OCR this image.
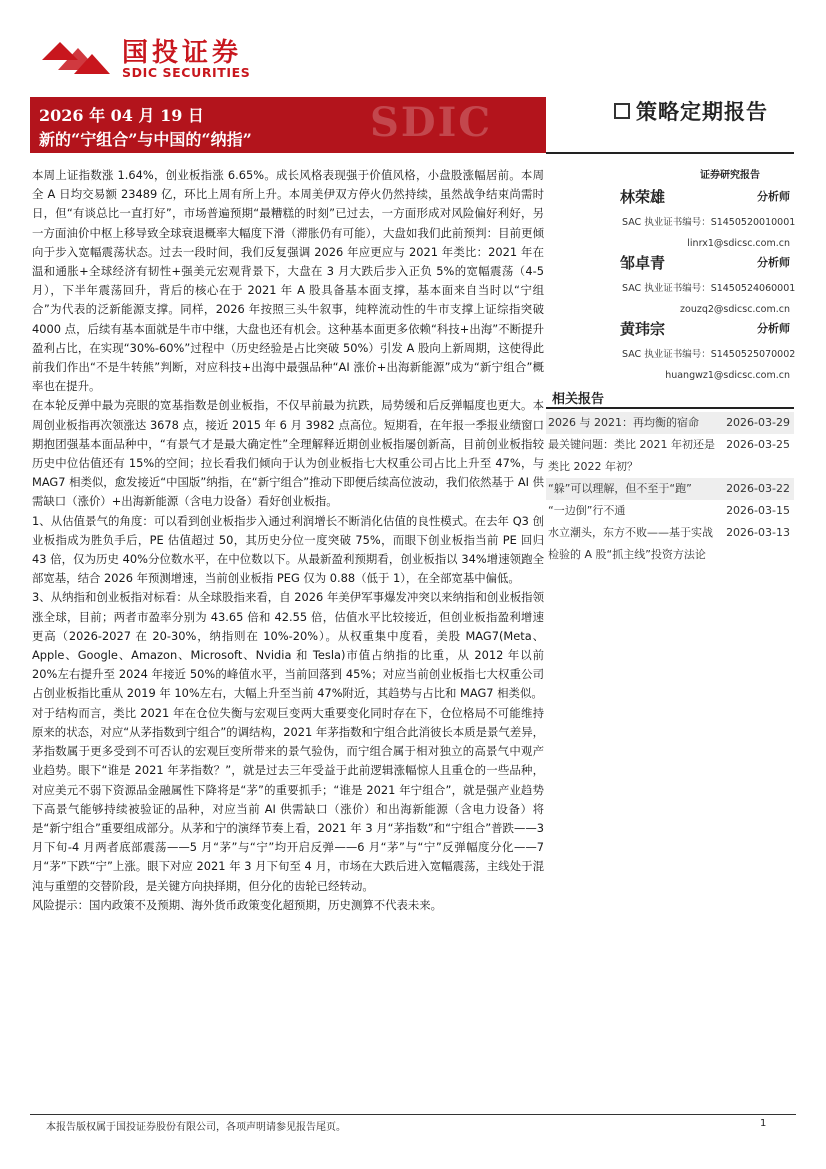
国投证券
SDIC SECURITIES
SDIC
2026 年 04 月 19 日
新的“宁组合”与中国的“纳指”
策略定期报告
证券研究报告
林荣雄	分析师
SAC 执业证书编号：S1450520010001
linrx1@sdicsc.com.cn
邹卓青	分析师
SAC 执业证书编号：S1450524060001
zouzq2@sdicsc.com.cn
黄玮宗	分析师
SAC 执业证书编号：S1450525070002
huangwz1@sdicsc.com.cn
相关报告
2026 与 2021：再均衡的宿命	2026-03-29
最关键问题：类比 2021 年初还是类比 2022 年初？
2026-03-25
“躲”可以理解，但不至于“跑”	2026-03-22
“一边倒”行不通	2026-03-15
水立潮头，东方不败——基于实战检验的 A 股“抓主线”投资方法论
2026-03-13

本周上证指数涨 1.64%，创业板指涨 6.65%。成长风格表现强于价值风格，小盘股涨幅居前。本周全 A 日均交易额 23489 亿，环比上周有所上升。本周美伊双方停火仍然持续，虽然战争结束尚需时日，但“有谈总比一直打好”，市场普遍预期“最糟糕的时刻”已过去，一方面形成对风险偏好利好，另一方面油价中枢上移导致全球衰退概率大幅度下滑（滞胀仍有可能），大盘如我们此前预判：目前更倾向于步入宽幅震荡状态。过去一段时间，我们反复强调 2026 年应更应与 2021 年类比：2021 年在温和通胀+全球经济有韧性+强美元宏观背景下，大盘在 3 月大跌后步入正负 5%的宽幅震荡（4-5 月），下半年震荡回升，背后的核心在于 2021 年 A 股具备基本面支撑，基本面来自当时以“宁组合”为代表的泛新能源支撑。同样，2026 年按照三头牛叙事，纯粹流动性的牛市支撑上证综指突破 4000 点，后续有基本面就是牛市中继，大盘也还有机会。这种基本面更多依赖“科技+出海”不断提升盈利占比，在实现“30%-60%”过程中（历史经验是占比突破 50%）引发 A 股向上新周期，这使得此前我们作出“不是牛转熊”判断，对应科技+出海中最强品种“AI 涨价+出海新能源”成为“新宁组合”概率也在提升。

在本轮反弹中最为亮眼的宽基指数是创业板指，不仅早前最为抗跌，局势缓和后反弹幅度也更大。本周创业板指再次领涨达 3678 点，接近 2015 年 6 月 3982 点高位。短期看，在年报一季报业绩窗口期抱团强基本面品种中，“有景气才是最大确定性”全理解释近期创业板指屡创新高，目前创业板指较历史中位估值还有 15%的空间；拉长看我们倾向于认为创业板指七大权重公司占比上升至 47%，与 MAG7 相类似，愈发接近“中国版”纳指，在“新宁组合”推动下即便后续高位波动，我们依然基于 AI 供需缺口（涨价）+出海新能源（含电力设备）看好创业板指。

1、从估值景气的角度：可以看到创业板指步入通过利润增长不断消化估值的良性模式。在去年 Q3 创业板指成为胜负手后，PE 估值超过 50，其历史分位一度突破 75%，而眼下创业板指当前 PE 回归 43 倍，仅为历史 40%分位数水平，在中位数以下。从最新盈利预期看，创业板指以 34%增速领跑全部宽基，结合 2026 年预测增速，当前创业板指 PEG 仅为 0.88（低于 1），在全部宽基中偏低。

3、从纳指和创业板指对标看：从全球股指来看，自 2026 年美伊军事爆发冲突以来纳指和创业板指领涨全球，目前；两者市盈率分别为 43.65 倍和 42.55 倍，估值水平比较接近，但创业板指盈利增速更高（2026-2027 在 20-30%，纳指则在 10%-20%）。从权重集中度看，美股 MAG7(Meta、Apple、Google、Amazon、Microsoft、Nvidia 和 Tesla)市值占纳指的比重，从 2012 年以前 20%左右提升至 2024 年接近 50%的峰值水平，当前回落到 45%；对应当前创业板指七大权重公司占创业板指比重从 2019 年 10%左右，大幅上升至当前 47%附近，其趋势与占比和 MAG7 相类似。

对于结构而言，类比 2021 年在仓位失衡与宏观巨变两大重要变化同时存在下，仓位格局不可能维持原来的状态，对应“从茅指数到宁组合”的调结构，2021 年茅指数和宁组合此消彼长本质是景气差异，茅指数属于更多受到不可否认的宏观巨变所带来的景气验伪，而宁组合属于相对独立的高景气中观产业趋势。眼下“谁是 2021 年茅指数？”，就是过去三年受益于此前逻辑涨幅惊人且重仓的一些品种，对应美元不弱下资源品金融属性下降将是“茅”的重要抓手；“谁是 2021 年宁组合”，就是强产业趋势下高景气能够持续被验证的品种，对应当前 AI 供需缺口（涨价）和出海新能源（含电力设备）将是“新宁组合”重要组成部分。从茅和宁的演绎节奏上看，2021 年 3 月“茅指数”和“宁组合”普跌——3 月下旬-4 月两者底部震荡——5 月“茅”与“宁”均开启反弹——6 月“茅”与“宁”反弹幅度分化——7 月“茅”下跌“宁”上涨。眼下对应 2021 年 3 月下旬至 4 月，市场在大跌后进入宽幅震荡，主线处于混沌与重塑的交替阶段，是关键方向抉择期，但分化的齿轮已经转动。

风险提示：国内政策不及预期、海外货币政策变化超预期，历史测算不代表未来。

本报告版权属于国投证券股份有限公司，各项声明请参见报告尾页。	1
